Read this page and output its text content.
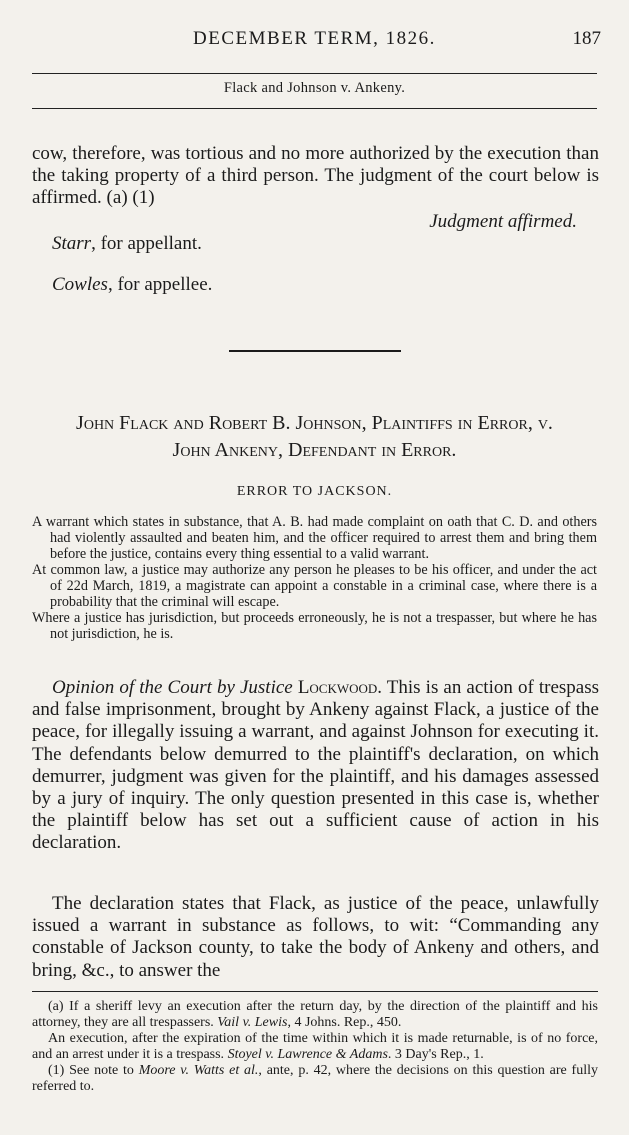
DECEMBER TERM, 1826.	187
Flack and Johnson v. Ankeny.
cow, therefore, was tortious and no more authorized by the execution than the taking property of a third person. The judgment of the court below is affirmed. (a) (1)
Judgment affirmed.
Starr, for appellant.
Cowles, for appellee.
John Flack and Robert B. Johnson, Plaintiffs in Error, v.
John Ankeny, Defendant in Error.
ERROR TO JACKSON.

A warrant which states in substance, that A. B. had made complaint on oath that C. D. and others had violently assaulted and beaten him, and the officer required to arrest them and bring them before the justice, contains every thing essential to a valid warrant.

At common law, a justice may authorize any person he pleases to be his officer, and under the act of 22d March, 1819, a magistrate can appoint a constable in a criminal case, where there is a probability that the criminal will escape.

Where a justice has jurisdiction, but proceeds erroneously, he is not a trespasser, but where he has not jurisdiction, he is.

Opinion of the Court by Justice Lockwood. This is an action of trespass and false imprisonment, brought by Ankeny against Flack, a justice of the peace, for illegally issuing a warrant, and against Johnson for executing it. The defendants below demurred to the plaintiff's declaration, on which demurrer, judgment was given for the plaintiff, and his damages assessed by a jury of inquiry. The only question presented in this case is, whether the plaintiff below has set out a sufficient cause of action in his declaration.
The declaration states that Flack, as justice of the peace, unlawfully issued a warrant in substance as follows, to wit: “Commanding any constable of Jackson county, to take the body of Ankeny and others, and bring, &c., to answer the

(a) If a sheriff levy an execution after the return day, by the direction of the plaintiff and his attorney, they are all trespassers. Vail v. Lewis, 4 Johns. Rep., 450.

An execution, after the expiration of the time within which it is made returnable, is of no force, and an arrest under it is a trespass. Stoyel v. Lawrence & Adams. 3 Day's Rep., 1.

(1) See note to Moore v. Watts et al., ante, p. 42, where the decisions on this question are fully referred to.
